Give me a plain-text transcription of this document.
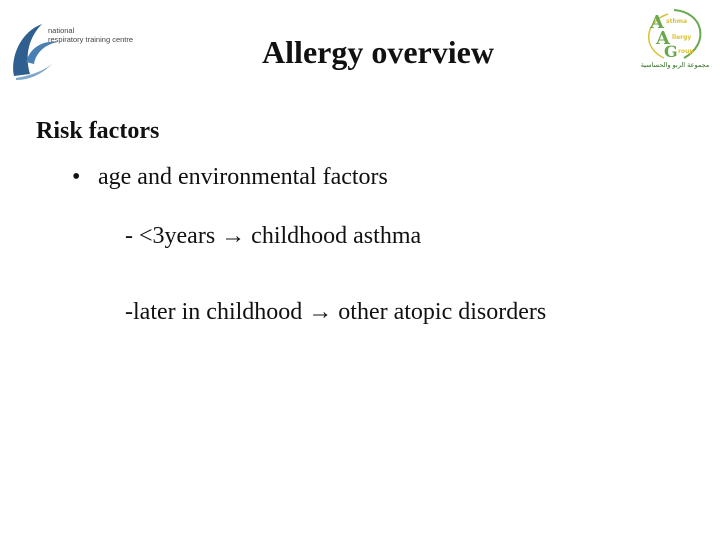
national
respiratory training centre
A sthma
A llergy
G roup
مجموعة الربو والحساسية
Allergy overview
Risk factors
• age and environmental factors
- <3years → childhood asthma
-later in childhood → other atopic disorders
